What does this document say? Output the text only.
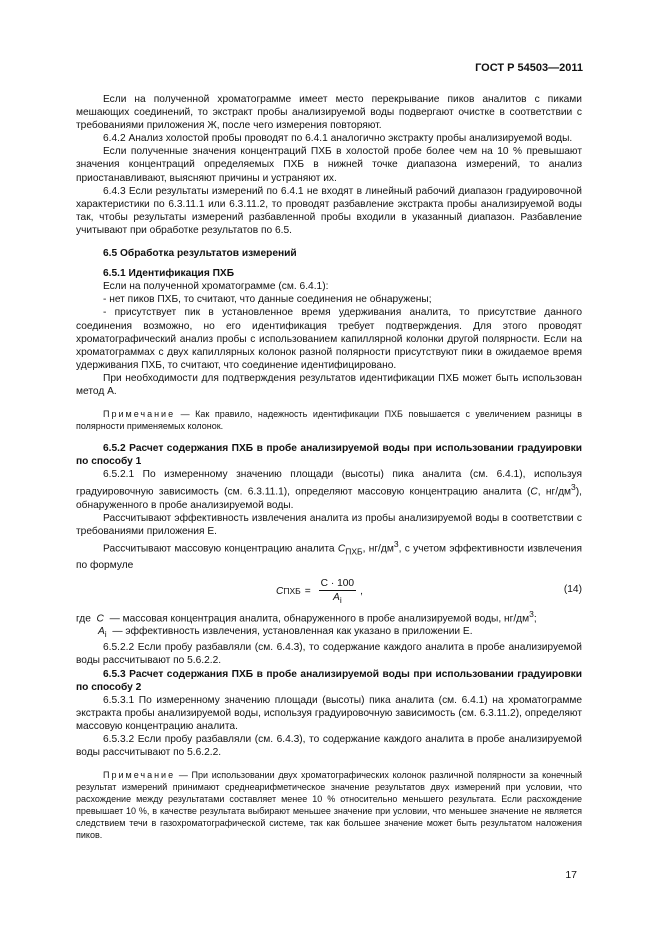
ГОСТ Р 54503—2011

Если на полученной хроматограмме имеет место перекрывание пиков аналитов с пиками мешающих соединений, то экстракт пробы анализируемой воды подвергают очистке в соответствии с требованиями приложения Ж, после чего измерения повторяют.

6.4.2 Анализ холостой пробы проводят по 6.4.1 аналогично экстракту пробы анализируемой воды.

Если полученные значения концентраций ПХБ в холостой пробе более чем на 10 % превышают значения концентраций определяемых ПХБ в нижней точке диапазона измерений, то анализ приостанавливают, выясняют причины и устраняют их.

6.4.3 Если результаты измерений по 6.4.1 не входят в линейный рабочий диапазон градуировочной характеристики по 6.3.11.1 или 6.3.11.2, то проводят разбавление экстракта пробы анализируемой воды так, чтобы результаты измерений разбавленной пробы входили в указанный диапазон. Разбавление учитывают при обработке результатов по 6.5.

6.5 Обработка результатов измерений

6.5.1 Идентификация ПХБ

Если на полученной хроматограмме (см. 6.4.1):

- нет пиков ПХБ, то считают, что данные соединения не обнаружены;

- присутствует пик в установленное время удерживания аналита, то присутствие данного соединения возможно, но его идентификация требует подтверждения. Для этого проводят хроматографический анализ пробы с использованием капиллярной колонки другой полярности. Если на хроматограммах с двух капиллярных колонок разной полярности присутствуют пики в ожидаемое время удерживания ПХБ, то считают, что соединение идентифицировано.

При необходимости для подтверждения результатов идентификации ПХБ может быть использован метод А.

Примечание — Как правило, надежность идентификации ПХБ повышается с увеличением разницы в полярности применяемых колонок.

6.5.2 Расчет содержания ПХБ в пробе анализируемой воды при использовании градуировки по способу 1

6.5.2.1 По измеренному значению площади (высоты) пика аналита (см. 6.4.1), используя градуировочную зависимость (см. 6.3.11.1), определяют массовую концентрацию аналита (C, $нг/дм^3$), обнаруженного в пробе анализируемой воды.

Рассчитывают эффективность извлечения аналита из пробы анализируемой воды в соответствии с требованиями приложения Е.

Рассчитывают массовую концентрацию аналита $C_{ПХБ}$, $нг/дм^3$, с учетом эффективности извлечения по формуле

C ПХБ = $\frac{C \cdot 100}{A_i}$ ,	(14)

где C — массовая концентрация аналита, обнаруженного в пробе анализируемой воды, $нг/дм^3$;

$A_i$ — эффективность извлечения, установленная как указано в приложении Е.

6.5.2.2 Если пробу разбавляли (см. 6.4.3), то содержание каждого аналита в пробе анализируемой воды рассчитывают по 5.6.2.2.

6.5.3 Расчет содержания ПХБ в пробе анализируемой воды при использовании градуировки по способу 2

6.5.3.1 По измеренному значению площади (высоты) пика аналита (см. 6.4.1) на хроматограмме экстракта пробы анализируемой воды, используя градуировочную зависимость (см. 6.3.11.2), определяют массовую концентрацию аналита.

6.5.3.2 Если пробу разбавляли (см. 6.4.3), то содержание каждого аналита в пробе анализируемой воды рассчитывают по 5.6.2.2.

Примечание — При использовании двух хроматографических колонок различной полярности за конечный результат измерений принимают среднеарифметическое значение результатов двух измерений при условии, что расхождение между результатами составляет менее 10 % относительно меньшего результата. Если расхождение превышает 10 %, в качестве результата выбирают меньшее значение при условии, что меньшее значение не является следствием течи в газохроматографической системе, так как большее значение может быть результатом наложения пиков.

17
